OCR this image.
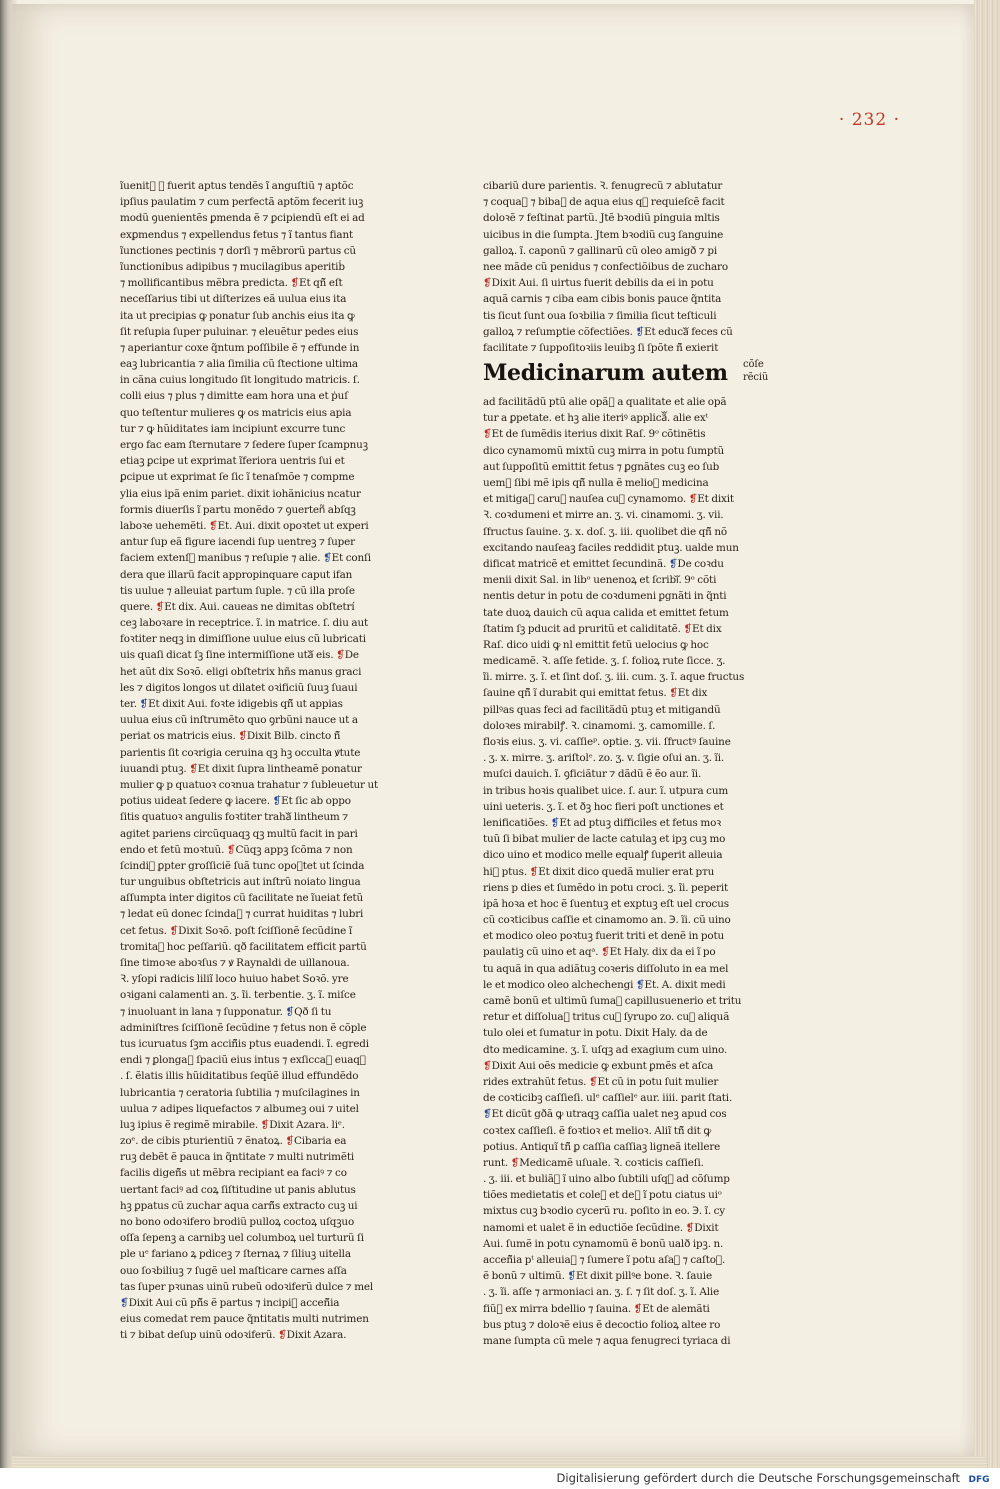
· 232 ·
ĩuenitᷓ ꝙ fuerit aptus tendẽs ĩ anguſtiũ ⁊ aptõc
ipſius paulatim ⁊ cum perfectã aptõm fecerit iuꝫ
modũ ꝯuenientẽs ꝑmenda ẽ ⁊ ꝑcipiendũ eſt ei ad
exꝑmendus ⁊ expellendus fetus ⁊ ĩ tantus fiant
ĩunctiones pectinis ⁊ dorſi ⁊ mẽbrorũ partus cũ
ĩunctionibus adipibus ⁊ mucilagibus aperitiḃ
⁊ mollificantibus mẽbra predicta. ❡Et qñ̃ eſt
neceſſarius tibi ut diſterizes eã uulua eius ita
ita ut precipias ꝙ ponatur ſub anchis eius ita ꝙ
ſit reſupia ſuper puluinar. ⁊ eleuẽtur pedes eius
⁊ aperiantur coxe q̃ntum poſſibile ẽ ⁊ effunde in
eaꝫ lubricantia ⁊ alia ſimilia cũ ſtectione ultima
in cãna cuius longitudo ſit longitudo matricis. ſ.
colli eius ⁊ plus ⁊ dimitte eam hora una et ṗuſ
quo teſtentur mulieres ꝙ os matricis eius apia
tur ⁊ ꝙ hũiditates iam incipiunt excurre tunc
ergo fac eam ſternutare ⁊ ſedere ſuper ſcampnuꝫ
etiaꝫ ꝑcipe ut exprimat ĩferiora uentris ſui et
ꝑcipue ut exprimat ſe ſic ĩ tenaſmõe ⁊ compme
ylia eius ipã enim pariet. dixit iohãnicius ncatur
formis diuerſis ĩ partu monẽdo ⁊ ꝯuerten᷑ abſqꝫ
laboꝛe uehemẽti. ❡Et. Aui. dixit opoꝛtet ut experi
antur ſup eã figure iacendi ſup uentreꝫ ⁊ ſuper
faciem extenſ᷑ manibus ⁊ reſupie ⁊ alie. ❡Et conſi
dera que illarũ facit appropinquare caput ifan
tis uulue ⁊ alleuiat partum ſuple. ⁊ cũ illa proſe
quere. ❡Et dix. Aui. caueas ne dimitas obſtetrí
ceꝫ laboꝛare in receptrice. ĩ. in matrice. ſ. diu aut
foꝛtiter neqꝫ in dimiſſione uulue eius cũ lubricati
uis quaſi dicat ſꝫ ſine intermiſſione utaᷓ eis. ❡De
het aũt dix Soꝛõ. eligi obſtetrix hñs manus graci
les ⁊ digitos longos ut dilatet oꝛificiũ ſuuꝫ ſuaui
ter. ❡Et dixit Aui. foꝛte idigebis qñ̃ ut appias
uulua eius cũ inſtrumẽto quo ꝯrbũni nauce ut a
periat os matricis eius. ❡Dixit Bilb. cincto ñ̃
parientis ſit coꝛrigia ceruina qꝫ hꝫ occulta ꝟtute
iuuandi ptuꝫ. ❡Et dixit ſupra lintheamẽ ponatur
mulier ꝙ p quatuoꝛ coꝛnua trahatur ⁊ ſubleuetur ut
potius uideat ſedere ꝙ iacere. ❡Et ſic ab oppo
ſitis quatuoꝛ angulis foꝛtiter trahaᷓ lintheum ⁊
agitet pariens circũquaqꝫ qꝫ multũ facit in pari
endo et fetũ moꝛtuũ. ❡Cũqꝫ appꝫ ſcõma ⁊ non
ſcindiᷓ ꝑpter groſſiciẽ ſuã tunc opoꝛtet ut ſcinda
tur unguibus obſtetricis aut inſtrũ noiato lingua
aſſumpta inter digitos cũ facilitate ne ĩueiat fetũ
⁊ ledat eũ donec ſcindaᷓ ⁊ currat huiditas ⁊ lubri
cet fetus. ❡Dixit Soꝛõ. poſt ſciſſionẽ ſecũdine ĩ
tromitaᷓ hoc peſſariũ. qð facilitatem efficit partũ
ſine timoꝛe aboꝛſus ⁊ ꝟ Raynaldi de uillanoua.
Ꝛ. yſopi radicis liliĩ loco huiuo habet Soꝛõ. yre
oꝛigani calamenti an. ʒ. ĩi. terbentie. ʒ. ĩ. miſce
⁊ inuoluant in lana ⁊ ſupponatur. ❡Qð ſi tu
adminiſtres ſciſſionẽ ſecũdine ⁊ fetus non ẽ cõple
tus icuruatus ſꝫm acciñ̃is ptus euadendi. ĩ. egredi
endi ⁊ ꝑlongaᷓ ſpaciũ eius intus ⁊ exſiccaᷓ euaqꝫ
. ſ. ẽlatis illis hũiditatibus ſeqũẽ illud effundẽdo
lubricantia ⁊ ceratoria ſubtilia ⁊ muſcilagines in
uulua ⁊ adipes liquefactos ⁊ albumeꝫ oui ⁊ uitel
luꝫ ipius ẽ regimẽ mirabile. ❡Dixit Azara. liᵉ.
zoᵉ. de cibis pturientiũ ⁊ ẽnatoꝝ. ❡Cibaria ea
ruꝫ debẽt ẽ pauca in q̃ntitate ⁊ multi nutrimẽti
facilis digeñ̃s ut mẽbra recipiant ea faciꝰ ⁊ co
uertant faciꝰ ad coꝝ ſiſtitudine ut panis ablutus
hꝫ ꝑpatus cũ zuchar aqua carñ̃s extracto cuꝫ ui
no bono odoꝛifero brodiũ pulloꝝ coctoꝝ uſqꝫuo
oſſa ſepenꝫ a carnibꝫ uel columboꝝ uel turturũ ſi
ple uᵉ fariano ꝝ pdiceꝫ ⁊ ſternaꝝ ⁊ ſiliuꝫ uitella
ouo ſoꝛbiliuꝫ ⁊ ſugẽ uel maſticare carnes aſſa
tas ſuper pꝛunas uinũ rubeũ odoꝛiferũ dulce ⁊ mel
❡Dixit Aui cũ pñ̃s ẽ partus ⁊ incipiᷓ acceñ̃ia
eius comedat rem pauce q̃ntitatis multi nutrimen
ti ⁊ bibat deſup uinũ odoꝛiferũ. ❡Dixit Azara.
cibariũ dure parientis. Ꝛ. fenugrecũ ⁊ ablutatur
⁊ coquaᷓ ⁊ bibaᷓ de aqua eius qꝫ requieſcẽ facit
doloꝛẽ ⁊ feſtinat partũ. Jtẽ bꝛodiũ pinguia mltis
uicibus in die ſumpta. Jtem bꝛodiũ cuꝫ ſanguine
galloꝝ. ĩ. caponũ ⁊ gallinarũ cũ oleo amigð ⁊ pi
nee mãde cũ penidus ⁊ confectiõibus de zucharo
❡Dixit Aui. ſi uirtus fuerit debilis da ei in potu
aquã carnis ⁊ ciba eam cibis bonis pauce q̃ntita
tis ſicut ſunt oua ſoꝛbilia ⁊ ſimilia ſicut teſticuli
galloꝝ ⁊ reſumptie cõfectiões. ❡Et educaᷓ feces cũ
facilitate ⁊ ſuppoſitoꝛiis leuibꝫ ſi ſpõte ñ̃ exierit
Medicinarum autem cõſe
rẽciũ
ad facilitãdũ ptũ alie opãᷓ a qualitate et alie opã
tur a ꝑpetate. et hꝫ alie iteriꝰ applicãᷓ. alie exᵗ
❡Et de ſumẽdis iterius dixit Raſ. 9ᵒ cõtinẽtis
dico cynamomũ mixtũ cuꝫ mirra in potu ſumptũ
aut ſuppoſitũ emittit fetus ⁊ ꝑgnãtes cuꝫ eo ſub
uemᷓ ſibi mẽ ipis qñ̃ nulla ẽ melioꝛ medicina
et mitigaᷓ caruꝫ nauſea cuꝫ cynamomo. ❡Et dixit
Ꝛ. coꝛdumeni et mirre an. ʒ. vi. cinamomi. ʒ. vii.
ſfructus ſauine. ʒ. x. doſ. ʒ. iii. quolibet die qñ̃ nõ
excitando nauſeaꝫ faciles reddidit ptuꝫ. ualde mun
dificat matricẽ et emittet ſecundinã. ❡De coꝛdu
menii dixit Sal. in libᵒ uenenoꝝ et ſcribiᷓ. 9ᵒ cõti
nentis detur in potu de coꝛdumeni ꝑgnãti in q̃nti
tate duoꝝ dauich cũ aqua calida et emittet fetum
ſtatim ſꝫ pducit ad pruritũ et caliditatẽ. ❡Et dix
Raſ. dico uidi ꝙ nl emittit fetũ uelocius ꝙ hoc
medicamẽ. Ꝛ. aſſe fetide. ʒ. ſ. folioꝝ rute ſicce. ʒ.
ĩi. mirre. ʒ. ĩ. et ſint doſ. ʒ. iii. cum. ʒ. ĩ. aque fructus
ſauine qñ̃ ĩ durabit qui emittat fetus. ❡Et dix
pillꝰas quas feci ad facilitãdũ ptuꝫ et mitigandũ
doloꝛes mirabilꝭ. Ꝛ. cinamomi. ʒ. camomille. ſ.
floꝛis eius. ʒ. vi. caſſieᵖ. optie. ʒ. vii. ſfructꝰ ſauine
. ʒ. x. mirre. ʒ. ariſtolᵉ. zo. ʒ. v. ſigie oſui an. ʒ. ĩi.
muſci dauich. ĩ. ꝯficiãtur ⁊ dãdũ ẽ ẽo aur. ĩi.
in tribus hoꝛis qualibet uice. ſ. aur. ĩ. utpura cum
uini ueteris. ʒ. ĩ. et ðꝫ hoc fieri poſt unctiones et
lenificatiões. ❡Et ad ptuꝫ difficiles et fetus moꝛ
tuũ ſi bibat mulier de lacte catulaꝫ et ipꝫ cuꝫ mo
dico uino et modico melle equalꝭ ſuꝑerit alleuia
hiᷓ ptus. ❡Et dixit dico quedã mulier erat pᴛu
riens p dies et ſumẽdo in potu croci. ʒ. ĩi. peperit
ipã hoꝛa et hoc ẽ ſuentuꝫ et exptuꝫ eſt uel crocus
cũ coꝛticibus caſſie et cinamomo an. ℈. ĩi. cũ uino
et modico oleo poꝛtuꝫ fuerit triti et denẽ in potu
paulatiꝫ cũ uino et aqᵃ. ❡Et Haly. dix da ei ĩ po
tu aquã in qua adiãtuꝫ coꝛeris diſſoluto in ea mel
le et modico oleo alchechengi ❡Et. A. dixit medi
camẽ bonũ et ultimũ ſumaᷓ capillusuenerio et tritu
retur et diſſoluaᷓ tritus cuꝫ ſyrupo zo. cuꝫ aliquã
tulo olei et ſumatur in potu. Dixit Haly. da de
dto medicamine. ʒ. ĩ. uſqꝫ ad exagium cum uino.
❡Dixit Aui oẽs medicie ꝙ exbunt ꝑmẽs et aſca
rides extrahũt fetus. ❡Et cũ in potu ſuit mulier
de coꝛticibꝫ caſſieſi. ulᵉ caſſielᵉ aur. iiii. parit ſtati.
❡Et dicũt gðã ꝙ utraqꝫ caſſia ualet neꝫ apud cos
coꝛtex caſſieſi. ẽ foꝛtioꝛ et melioꝛ. Aliĩ tñ̃ dit ꝙ
potius. Antiquĩ tñ̃ ꝑ caſſia caſſiaꝫ ligneã itellere
runt. ❡Medicamẽ uſuale. Ꝛ. coꝛticis caſſieſi.
. ʒ. iii. et buliãᷓ ĩ uino albo ſubtili uſqꝫ ad cõſump
tiões medietatis et coleᷓ et deᷓ ĩ potu ciatus uiᵒ
mixtus cuꝫ bꝛodio cycerũ ru. poſito in eo. ℈. ĩ. cy
namomi et ualet ẽ in eductiõe ſecũdine. ❡Dixit
Aui. ſumẽ in potu cynamomũ ẽ bonũ ualð ipꝫ. n.
acceñ̃ia pᵗ alleuiaᷓ ⁊ ſumere ĩ potu aſaꝫ ⁊ caſtoꝛ.
ẽ bonũ ⁊ ultimũ. ❡Et dixit pillꝰe bone. Ꝛ. ſauie
. ʒ. ĩi. aſſe ⁊ armoniaci an. ʒ. ſ. ⁊ ſit doſ. ʒ. ĩ. Alie
fiũᷓ ex mirra bdellio ⁊ ſauina. ❡Et de alemãti
bus ptuꝫ ⁊ doloꝛẽ eius ẽ decoctio folioꝝ altee ro
mane ſumpta cũ mele ⁊ aqua fenugreci tyriaca di
Digitalisierung gefördert durch die Deutsche Forschungsgemeinschaft DFG
